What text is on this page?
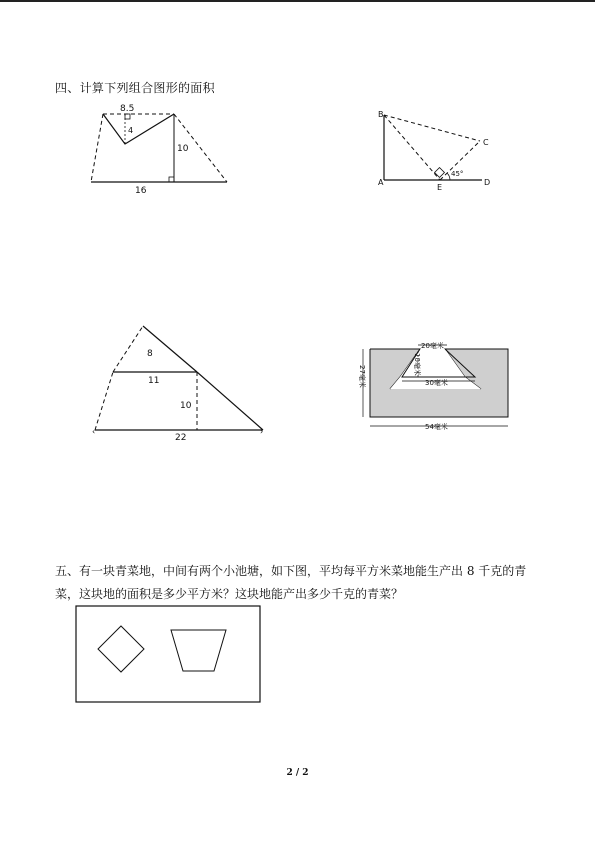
四、计算下列组合图形的面积
8.5
4
10
16
B
C
A
E
D
45°
‹	›
8
11
10
22
20毫米
10毫米
30毫米
27毫米
54毫米
五、有一块青菜地，中间有两个小池塘，如下图，平均每平方米菜地能生产出 8 千克的青
菜，这块地的面积是多少平方米？这块地能产出多少千克的青菜？
2 / 2
